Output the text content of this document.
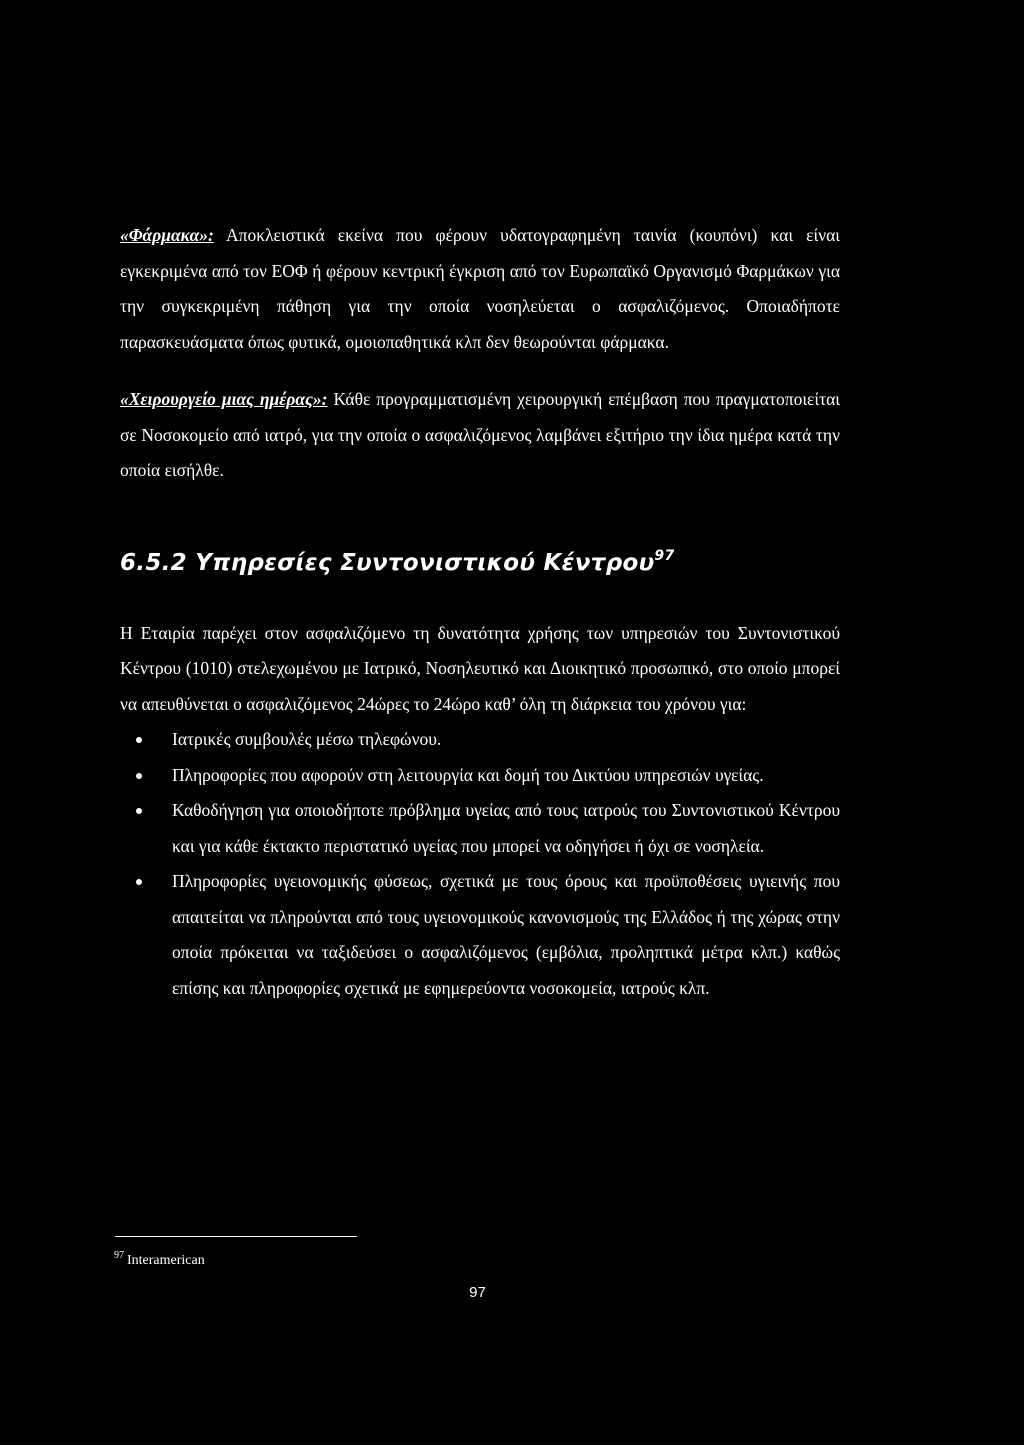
«Φάρμακα»: Αποκλειστικά εκείνα που φέρουν υδατογραφημένη ταινία (κουπόνι) και είναι εγκεκριμένα από τον ΕΟΦ ή φέρουν κεντρική έγκριση από τον Ευρωπαϊκό Οργανισμό Φαρμάκων για την συγκεκριμένη πάθηση για την οποία νοσηλεύεται ο ασφαλιζόμενος. Οποιαδήποτε παρασκευάσματα όπως φυτικά, ομοιοπαθητικά κλπ δεν θεωρούνται φάρμακα.

«Χειρουργείο μιας ημέρας»: Κάθε προγραμματισμένη χειρουργική επέμβαση που πραγματοποιείται σε Νοσοκομείο από ιατρό, για την οποία ο ασφαλιζόμενος λαμβάνει εξιτήριο την ίδια ημέρα κατά την οποία εισήλθε.

6.5.2 Υπηρεσίες Συντονιστικού Κέντρου$^{97}$

Η Εταιρία παρέχει στον ασφαλιζόμενο τη δυνατότητα χρήσης των υπηρεσιών του Συντονιστικού Κέντρου (1010) στελεχωμένου με Ιατρικό, Νοσηλευτικό και Διοικητικό προσωπικό, στο οποίο μπορεί να απευθύνεται ο ασφαλιζόμενος 24ώρες το 24ώρο καθ’ όλη τη διάρκεια του χρόνου για:

Ιατρικές συμβουλές μέσω τηλεφώνου.
Πληροφορίες που αφορούν στη λειτουργία και δομή του Δικτύου υπηρεσιών υγείας.
Καθοδήγηση για οποιοδήποτε πρόβλημα υγείας από τους ιατρούς του Συντονιστικού Κέντρου και για κάθε έκτακτο περιστατικό υγείας που μπορεί να οδηγήσει ή όχι σε νοσηλεία.
Πληροφορίες υγειονομικής φύσεως, σχετικά με τους όρους και προϋποθέσεις υγιεινής που απαιτείται να πληρούνται από τους υγειονομικούς κανονισμούς της Ελλάδος ή της χώρας στην οποία πρόκειται να ταξιδεύσει ο ασφαλιζόμενος (εμβόλια, προληπτικά μέτρα κλπ.) καθώς επίσης και πληροφορίες σχετικά με εφημερεύοντα νοσοκομεία, ιατρούς κλπ.
$^{97}$ Interamerican
97
